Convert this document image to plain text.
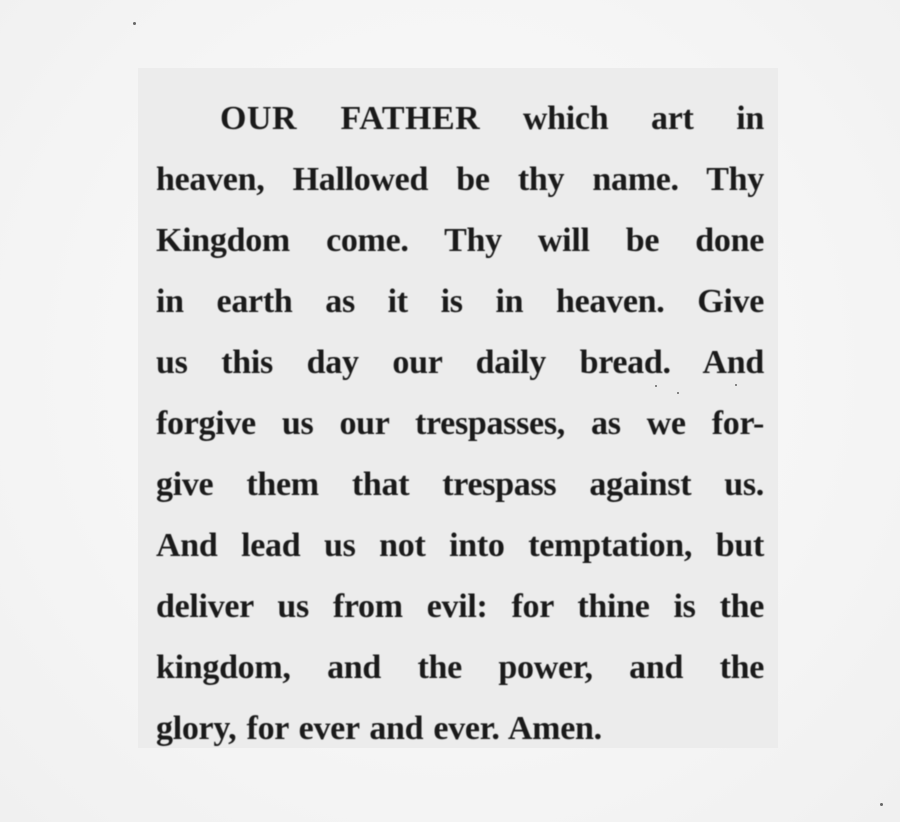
OUR FATHER which art in
heaven, Hallowed be thy name. Thy
Kingdom come. Thy will be done
in earth as it is in heaven. Give
us this day our daily bread. And
forgive us our trespasses, as we for-
give them that trespass against us.
And lead us not into temptation, but
deliver us from evil: for thine is the
kingdom, and the power, and the
glory, for ever and ever. Amen.
